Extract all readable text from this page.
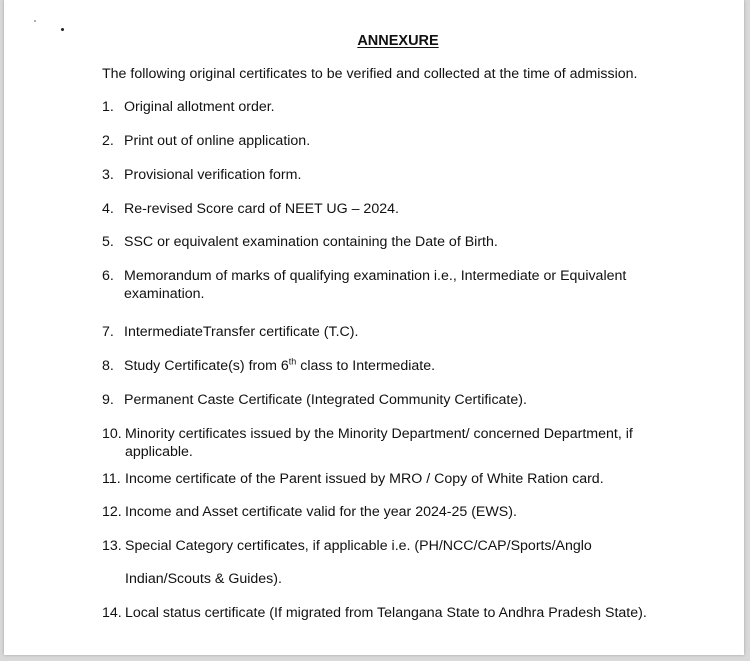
ANNEXURE
The following original certificates to be verified and collected at the time of admission.
1. Original allotment order.
2. Print out of online application.
3. Provisional verification form.
4. Re-revised Score card of NEET UG – 2024.
5. SSC or equivalent examination containing the Date of Birth.
6. Memorandum of marks of qualifying examination i.e., Intermediate or Equivalent examination.
7. IntermediateTransfer certificate (T.C).
8. Study Certificate(s) from 6th class to Intermediate.
9. Permanent Caste Certificate (Integrated Community Certificate).
10. Minority certificates issued by the Minority Department/ concerned Department, if applicable.
11. Income certificate of the Parent issued by MRO / Copy of White Ration card.
12. Income and Asset certificate valid for the year 2024-25 (EWS).
13. Special Category certificates, if applicable i.e. (PH/NCC/CAP/Sports/Anglo
Indian/Scouts & Guides).
14. Local status certificate (If migrated from Telangana State to Andhra Pradesh State).
